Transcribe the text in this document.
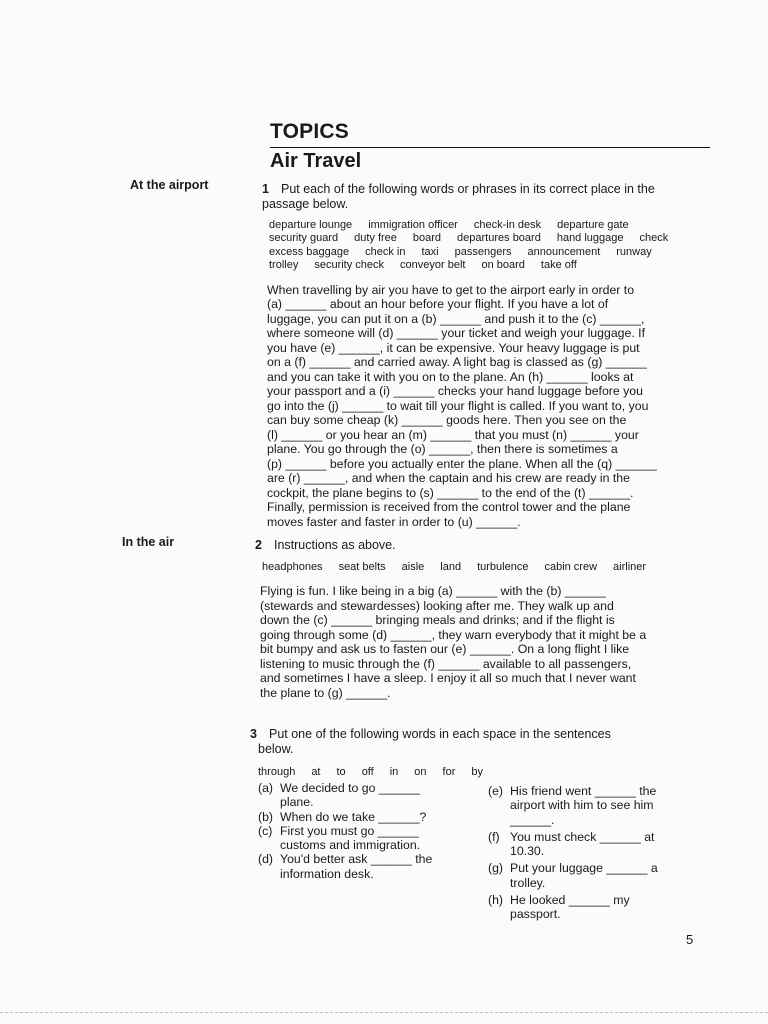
TOPICS
Air Travel
At the airport
In the air
1 Put each of the following words or phrases in its correct place in the
passage below.
departure lounge immigration officer check-in desk departure gatesecurity guard duty free board departures board hand luggage checkexcess baggage check in taxi passengers announcement runwaytrolley security check conveyor belt on board take off
When travelling by air you have to get to the airport early in order to
(a) ______ about an hour before your flight. If you have a lot of
luggage, you can put it on a (b) ______ and push it to the (c) ______,
where someone will (d) ______ your ticket and weigh your luggage. If
you have (e) ______, it can be expensive. Your heavy luggage is put
on a (f) ______ and carried away. A light bag is classed as (g) ______
and you can take it with you on to the plane. An (h) ______ looks at
your passport and a (i) ______ checks your hand luggage before you
go into the (j) ______ to wait till your flight is called. If you want to, you
can buy some cheap (k) ______ goods here. Then you see on the
(l) ______ or you hear an (m) ______ that you must (n) ______ your
plane. You go through the (o) ______, then there is sometimes a
(p) ______ before you actually enter the plane. When all the (q) ______
are (r) ______, and when the captain and his crew are ready in the
cockpit, the plane begins to (s) ______ to the end of the (t) ______.
Finally, permission is received from the control tower and the plane
moves faster and faster in order to (u) ______.
2 Instructions as above.
headphones seat belts aisle land turbulence cabin crew airliner
Flying is fun. I like being in a big (a) ______ with the (b) ______
(stewards and stewardesses) looking after me. They walk up and
down the (c) ______ bringing meals and drinks; and if the flight is
going through some (d) ______, they warn everybody that it might be a
bit bumpy and ask us to fasten our (e) ______. On a long flight I like
listening to music through the (f) ______ available to all passengers,
and sometimes I have a sleep. I enjoy it all so much that I never want
the plane to (g) ______.
3 Put one of the following words in each space in the sentences
below.
through at to off in on for by
(a) We decided to go ______
plane.
(b) When do we take ______?
(c) First you must go ______
customs and immigration.
(d) You'd better ask ______ the
information desk.
(e) His friend went ______ the
airport with him to see him
______.
(f) You must check ______ at
10.30.
(g) Put your luggage ______ a
trolley.
(h) He looked ______ my
passport.
5
